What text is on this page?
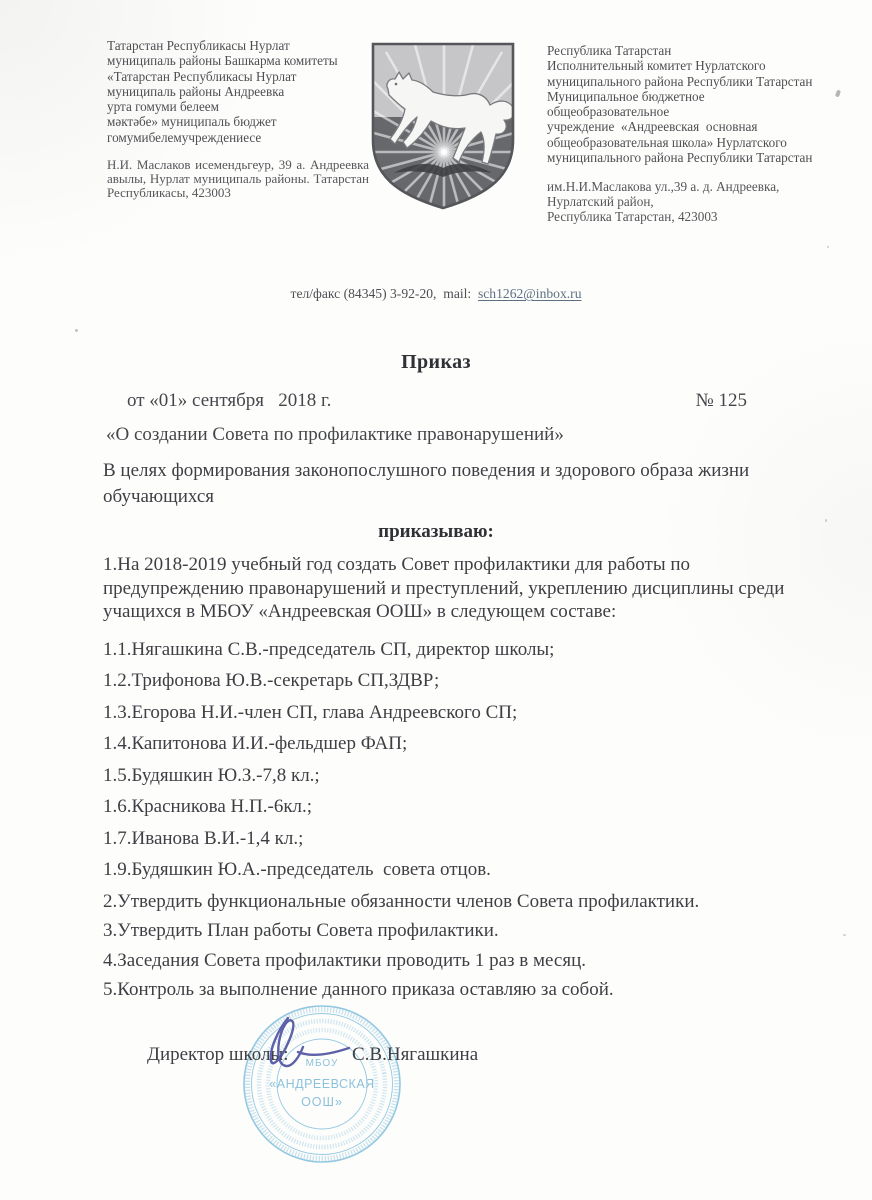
Татарстан Республикасы Нурлат
муниципаль районы Башкарма комитеты
«Татарстан Республикасы Нурлат
муниципаль районы Андреевка
урта гомуми белеем
мәктәбе» муниципаль бюджет
гомумибелемучреждениесе
Н.И. Маслаков исемендьгеур, 39 а. Андреевка авылы, Нурлат муниципаль районы. Татарстан Республикасы, 423003
Республика Татарстан
Исполнительный комитет Нурлатского
муниципального района Республики Татарстан
Муниципальное бюджетное
общеобразовательное
учреждение  «Андреевская  основная
общеобразовательная школа» Нурлатского
муниципального района Республики Татарстан
им.Н.И.Маслакова ул.,39 а. д. Андреевка,
Нурлатский район,
Республика Татарстан, 423003
тел/факс (84345) 3-92-20,  mail:  sch1262@inbox.ru
Приказ
от «01» сентября   2018 г.	№ 125
«О создании Совета по профилактике правонарушений»
В целях формирования законопослушного поведения и здорового образа жизни обучающихся
приказываю:

1.На 2018-2019 учебный год создать Совет профилактики для работы по предупреждению правонарушений и преступлений, укреплению дисциплины среди учащихся в МБОУ «Андреевская ООШ» в следующем составе:

1.1.Нягашкина С.В.-председатель СП, директор школы;

1.2.Трифонова Ю.В.-секретарь СП,ЗДВР;

1.3.Егорова Н.И.-член СП, глава Андреевского СП;

1.4.Капитонова И.И.-фельдшер ФАП;

1.5.Будяшкин Ю.З.-7,8 кл.;

1.6.Красникова Н.П.-6кл.;

1.7.Иванова В.И.-1,4 кл.;

1.9.Будяшкин Ю.А.-председатель  совета отцов.

2.Утвердить функциональные обязанности членов Совета профилактики.

3.Утвердить План работы Совета профилактики.

4.Заседания Совета профилактики проводить 1 раз в месяц.

5.Контроль за выполнение данного приказа оставляю за собой.

МБОУ
«АНДРЕЕВСКАЯ
ООШ»
Директор школы:	С.В.Нягашкина
